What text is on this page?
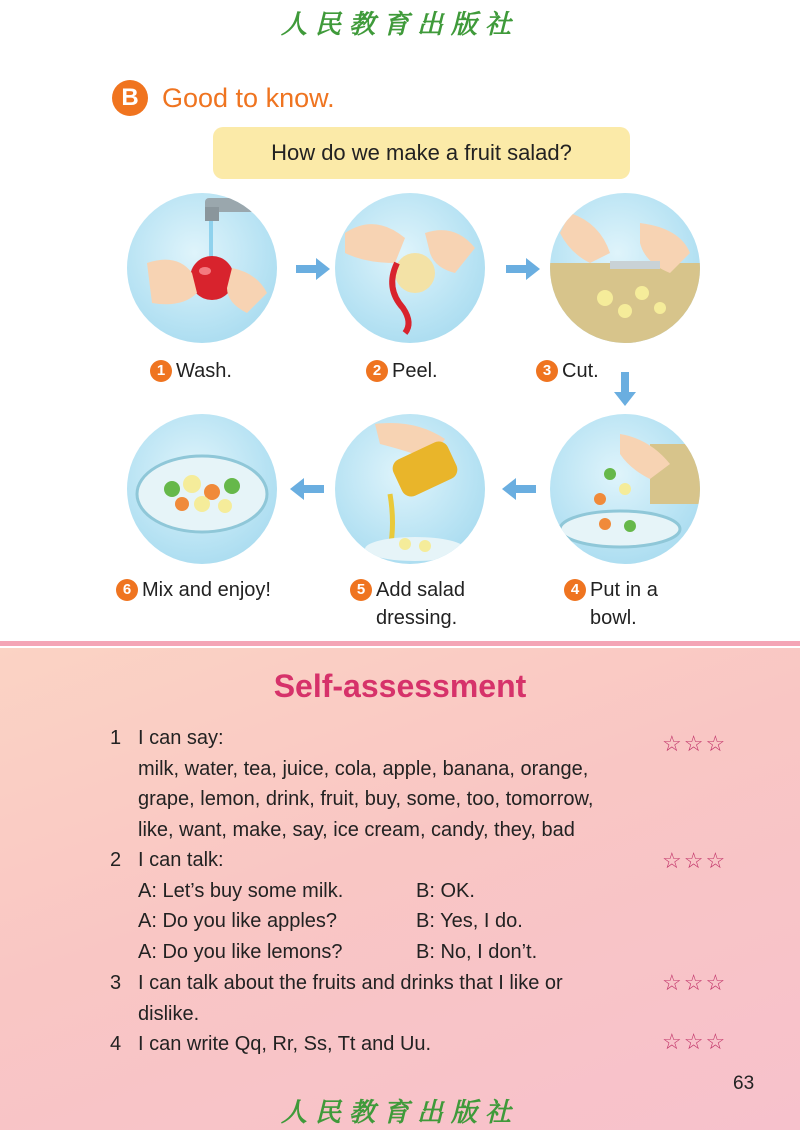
人民教育出版社
B Good to know.
How do we make a fruit salad?
1 Wash.	2 Peel.	3 Cut.
6 Mix and enjoy!	5 Add salad
dressing.
4 Put in a
bowl.
Self-assessment
1 I can say:
milk, water, tea, juice, cola, apple, banana, orange,
grape, lemon, drink, fruit, buy, some, too, tomorrow,
like, want, make, say, ice cream, candy, they, bad
☆☆☆
2 I can talk:
A: Let’s buy some milk.	B: OK.
A: Do you like apples?	B: Yes, I do.
A: Do you like lemons?	B: No, I don’t.
☆☆☆
3 I can talk about the fruits and drinks that I like or
dislike.
☆☆☆
4 I can write Qq, Rr, Ss, Tt and Uu.	☆☆☆
63
人民教育出版社
